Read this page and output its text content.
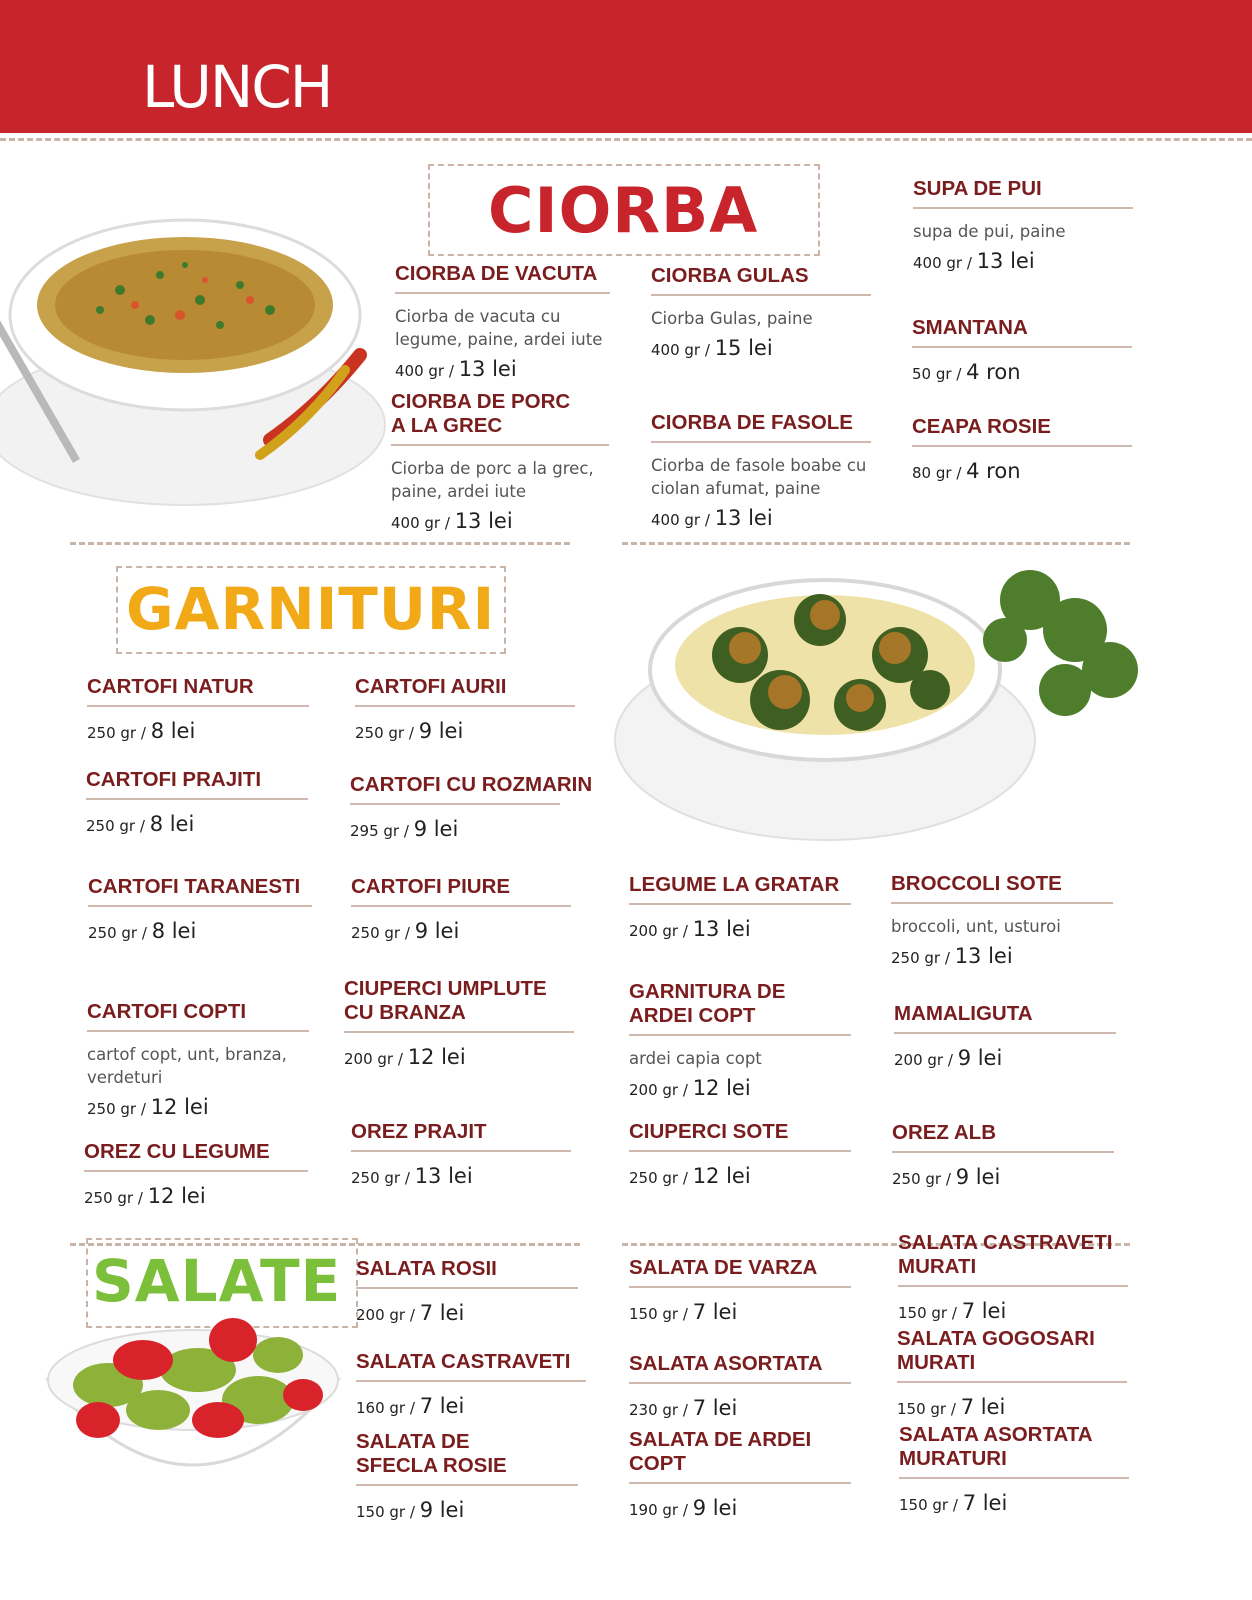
LUNCH
CIORBA
GARNITURI
SALATE
CIORBA DE VACUTA
Ciorba de vacuta cu legume, paine, ardei iute
400 gr / 13 lei
CIORBA DE PORC
A LA GREC
Ciorba de porc a la grec, paine, ardei iute
400 gr / 13 lei
CIORBA GULAS
Ciorba Gulas, paine
400 gr / 15 lei
CIORBA DE FASOLE
Ciorba de fasole boabe cu ciolan afumat, paine
400 gr / 13 lei
SUPA DE PUI
supa de pui, paine
400 gr / 13 lei
SMANTANA
50 gr / 4 ron
CEAPA ROSIE
80 gr / 4 ron
CARTOFI NATUR
250 gr / 8 lei
CARTOFI PRAJITI
250 gr / 8 lei
CARTOFI TARANESTI
250 gr / 8 lei
CARTOFI COPTI
cartof copt, unt, branza, verdeturi
250 gr / 12 lei
OREZ CU LEGUME
250 gr / 12 lei
CARTOFI AURII
250 gr / 9 lei
CARTOFI CU ROZMARIN
295 gr / 9 lei
CARTOFI PIURE
250 gr / 9 lei
CIUPERCI UMPLUTE
CU BRANZA
200 gr / 12 lei
OREZ PRAJIT
250 gr / 13 lei
LEGUME LA GRATAR
200 gr / 13 lei
GARNITURA DE
ARDEI COPT
ardei capia copt
200 gr / 12 lei
CIUPERCI SOTE
250 gr / 12 lei
BROCCOLI SOTE
broccoli, unt, usturoi
250 gr / 13 lei
MAMALIGUTA
200 gr / 9 lei
OREZ ALB
250 gr / 9 lei
SALATA ROSII
200 gr / 7 lei
SALATA CASTRAVETI
160 gr / 7 lei
SALATA DE
SFECLA ROSIE
150 gr / 9 lei
SALATA DE VARZA
150 gr / 7 lei
SALATA ASORTATA
230 gr / 7 lei
SALATA DE ARDEI
COPT
190 gr / 9 lei
SALATA CASTRAVETI
MURATI
150 gr / 7 lei
SALATA GOGOSARI
MURATI
150 gr / 7 lei
SALATA ASORTATA
MURATURI
150 gr / 7 lei
